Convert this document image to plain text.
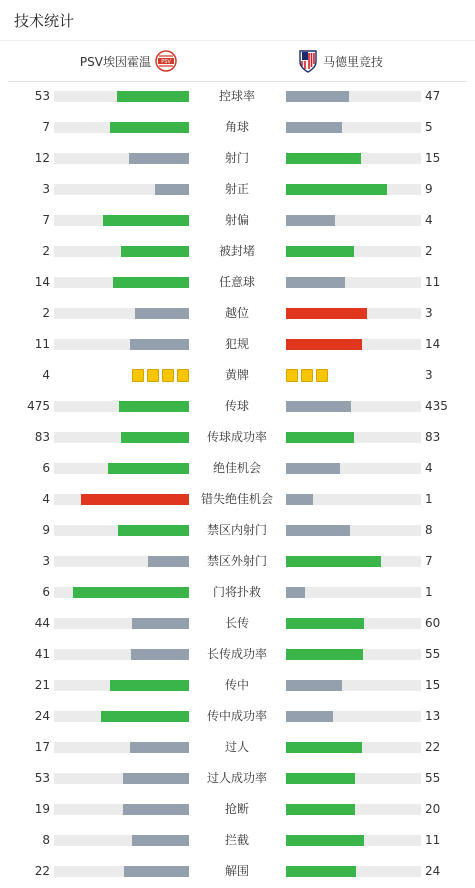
技术统计
PSV埃因霍温 PSV	马德里竞技
53	控球率	47
7	角球	5
12	射门	15
3	射正	9
7	射偏	4
2	被封堵	2
14	任意球	11
2	越位	3
11	犯规	14
4	黄牌	3
475	传球	435
83	传球成功率	83
6	绝佳机会	4
4	错失绝佳机会	1
9	禁区内射门	8
3	禁区外射门	7
6	门将扑救	1
44	长传	60
41	长传成功率	55
21	传中	15
24	传中成功率	13
17	过人	22
53	过人成功率	55
19	抢断	20
8	拦截	11
22	解围	24
